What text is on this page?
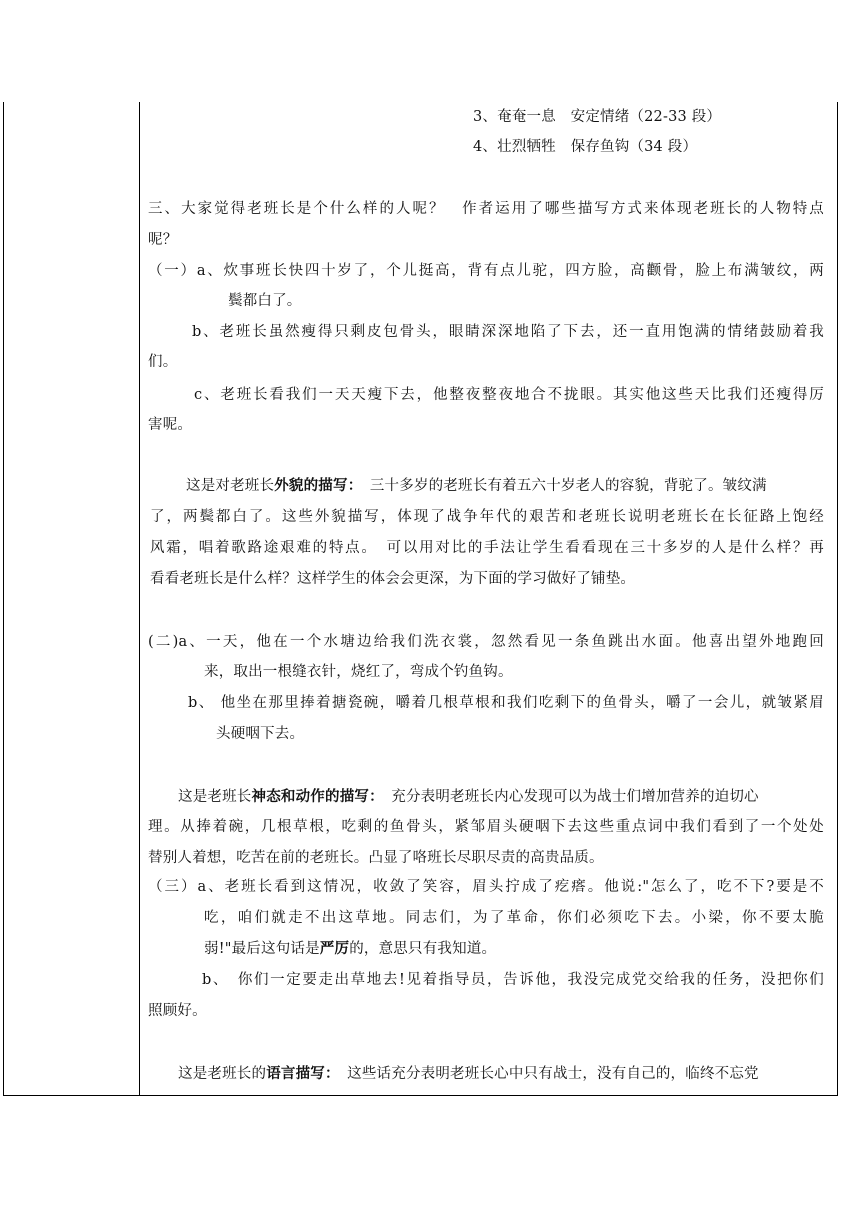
3、奄奄一息　安定情绪（22-33 段）
4、壮烈牺牲　保存鱼钩（34 段）
三、大家觉得老班长是个什么样的人呢？　作者运用了哪些描写方式来体现老班长的人物特点
呢？
（一）a、炊事班长快四十岁了，个儿挺高，背有点儿驼，四方脸，高颧骨，脸上布满皱纹，两
鬓都白了。
b、老班长虽然瘦得只剩皮包骨头，眼睛深深地陷了下去，还一直用饱满的情绪鼓励着我
们。
c、老班长看我们一天天瘦下去，他整夜整夜地合不拢眼。其实他这些天比我们还瘦得厉
害呢。
这是对老班长外貌的描写：　三十多岁的老班长有着五六十岁老人的容貌，背驼了。皱纹满
了，两鬓都白了。这些外貌描写，体现了战争年代的艰苦和老班长说明老班长在长征路上饱经
风霜，唱着歌路途艰难的特点。　可以用对比的手法让学生看看现在三十多岁的人是什么样？再
看看老班长是什么样？这样学生的体会会更深，为下面的学习做好了铺垫。
(二)a、一天，他在一个水塘边给我们洗衣裳，忽然看见一条鱼跳出水面。他喜出望外地跑回
来，取出一根缝衣针，烧红了，弯成个钓鱼钩。
b、 他坐在那里捧着搪瓷碗，嚼着几根草根和我们吃剩下的鱼骨头，嚼了一会儿，就皱紧眉
头硬咽下去。
这是老班长神态和动作的描写：　充分表明老班长内心发现可以为战士们增加营养的迫切心
理。从捧着碗，几根草根，吃剩的鱼骨头，紧邹眉头硬咽下去这些重点词中我们看到了一个处处
替别人着想，吃苦在前的老班长。凸显了咯班长尽职尽责的高贵品质。
（三）a、老班长看到这情况，收敛了笑容，眉头拧成了疙瘩。他说:"怎么了，吃不下?要是不
吃，咱们就走不出这草地。同志们，为了革命，你们必须吃下去。小梁，你不要太脆
弱!"最后这句话是严厉的，意思只有我知道。
b、　你们一定要走出草地去!见着指导员，告诉他，我没完成党交给我的任务，没把你们
照顾好。
这是老班长的语言描写：　这些话充分表明老班长心中只有战士，没有自己的，临终不忘党
